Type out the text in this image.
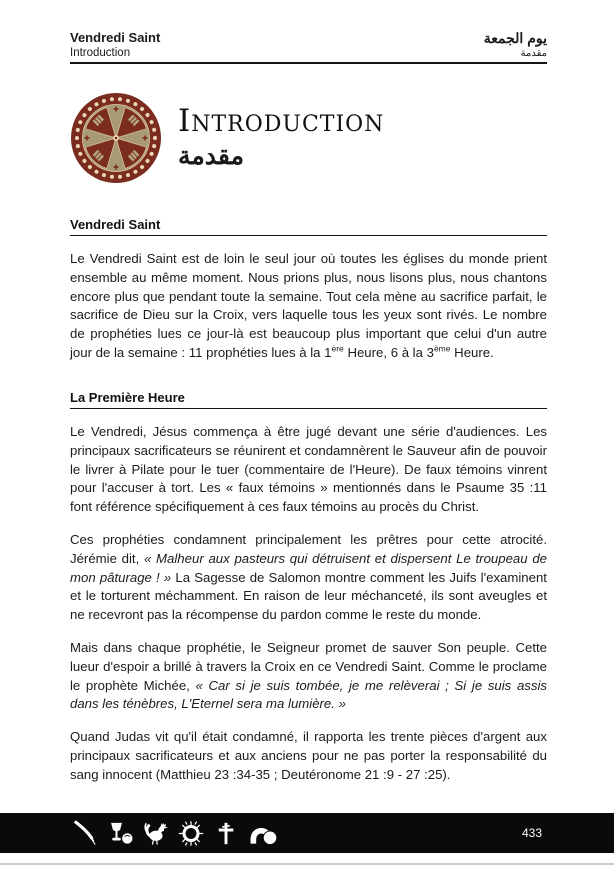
Vendredi Saint
Introduction
يوم الجمعة
مقدمة
Introduction
مقدمة
Vendredi Saint

Le Vendredi Saint est de loin le seul jour où toutes les églises du monde prient ensemble au même moment. Nous prions plus, nous lisons plus, nous chantons encore plus que pendant toute la semaine. Tout cela mène au sacrifice parfait, le sacrifice de Dieu sur la Croix, vers laquelle tous les yeux sont rivés. Le nombre de prophéties lues ce jour-là est beaucoup plus important que celui d'un autre jour de la semaine : 11 prophéties lues à la 1ère Heure, 6 à la 3ème Heure.

La Première Heure

Le Vendredi, Jésus commença à être jugé devant une série d'audiences. Les principaux sacrificateurs se réunirent et condamnèrent le Sauveur afin de pouvoir le livrer à Pilate pour le tuer (commentaire de l'Heure). De faux témoins vinrent pour l'accuser à tort. Les « faux témoins » mentionnés dans le Psaume 35 :11 font référence spécifiquement à ces faux témoins au procès du Christ.

Ces prophéties condamnent principalement les prêtres pour cette atrocité. Jérémie dit, « Malheur aux pasteurs qui détruisent et dispersent Le troupeau de mon pâturage ! » La Sagesse de Salomon montre comment les Juifs l'examinent et le torturent méchamment. En raison de leur méchanceté, ils sont aveugles et ne recevront pas la récompense du pardon comme le reste du monde.

Mais dans chaque prophétie, le Seigneur promet de sauver Son peuple. Cette lueur d'espoir a brillé à travers la Croix en ce Vendredi Saint. Comme le proclame le prophète Michée, « Car si je suis tombée, je me relèverai ; Si je suis assis dans les ténèbres, L'Eternel sera ma lumière. »

Quand Judas vit qu'il était condamné, il rapporta les trente pièces d'argent aux principaux sacrificateurs et aux anciens pour ne pas porter la responsabilité du sang innocent (Matthieu 23 :34-35 ; Deutéronome 21 :9 - 27 :25).

433
